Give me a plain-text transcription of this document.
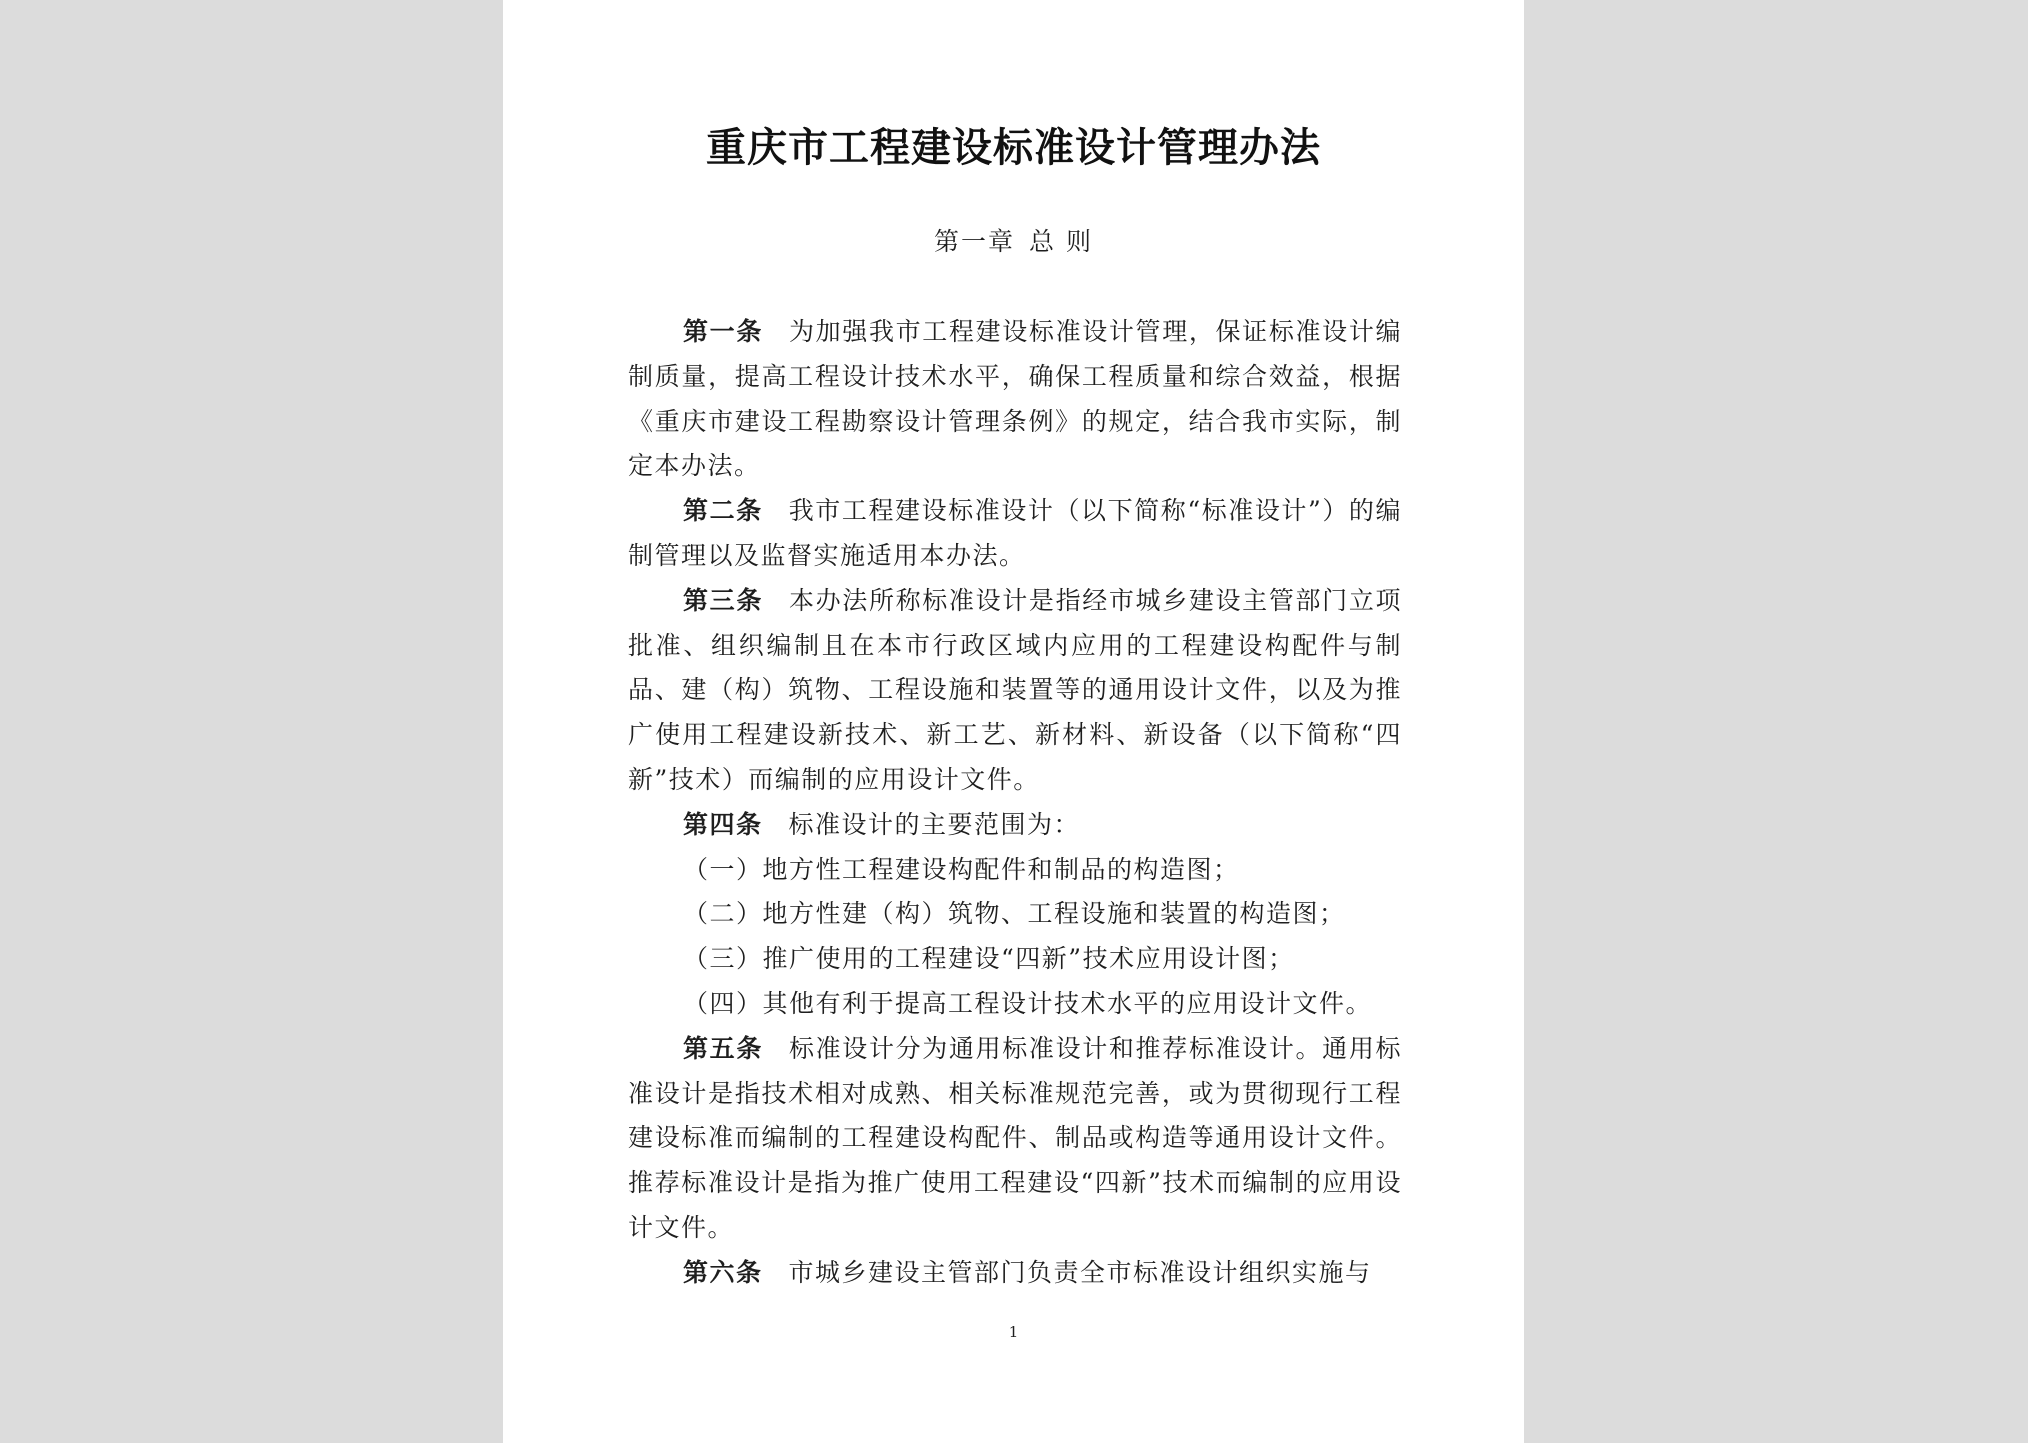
重庆市工程建设标准设计管理办法

第一章 总 则

第一条 为加强我市工程建设标准设计管理，保证标准设计编制质量，提高工程设计技术水平，确保工程质量和综合效益，根据《重庆市建设工程勘察设计管理条例》的规定，结合我市实际，制定本办法。

第二条 我市工程建设标准设计（以下简称“标准设计”）的编制管理以及监督实施适用本办法。

第三条 本办法所称标准设计是指经市城乡建设主管部门立项批准、组织编制且在本市行政区域内应用的工程建设构配件与制品、建（构）筑物、工程设施和装置等的通用设计文件，以及为推广使用工程建设新技术、新工艺、新材料、新设备（以下简称“四新”技术）而编制的应用设计文件。

第四条 标准设计的主要范围为：

（一）地方性工程建设构配件和制品的构造图；

（二）地方性建（构）筑物、工程设施和装置的构造图；

（三）推广使用的工程建设“四新”技术应用设计图；

（四）其他有利于提高工程设计技术水平的应用设计文件。

第五条 标准设计分为通用标准设计和推荐标准设计。通用标准设计是指技术相对成熟、相关标准规范完善，或为贯彻现行工程建设标准而编制的工程建设构配件、制品或构造等通用设计文件。推荐标准设计是指为推广使用工程建设“四新”技术而编制的应用设计文件。

第六条 市城乡建设主管部门负责全市标准设计组织实施与

1
